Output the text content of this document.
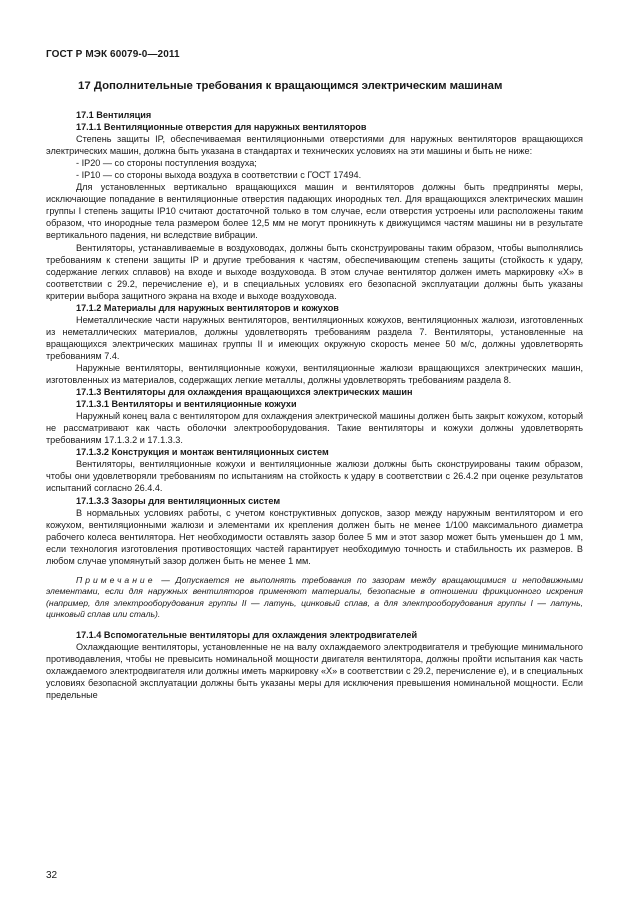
ГОСТ Р МЭК 60079-0—2011
17 Дополнительные требования к вращающимся электрическим машинам

17.1 Вентиляция

17.1.1 Вентиляционные отверстия для наружных вентиляторов

Степень защиты IP, обеспечиваемая вентиляционными отверстиями для наружных вентиляторов вращающихся электрических машин, должна быть указана в стандартах и технических условиях на эти машины и быть не ниже:

- IP20 — со стороны поступления воздуха;

- IP10 — со стороны выхода воздуха в соответствии с ГОСТ 17494.

Для установленных вертикально вращающихся машин и вентиляторов должны быть предприняты меры, исключающие попадание в вентиляционные отверстия падающих инородных тел. Для вращающихся электрических машин группы I степень защиты IP10 считают достаточной только в том случае, если отверстия устроены или расположены таким образом, что инородные тела размером более 12,5 мм не могут проникнуть к движущимся частям машины ни в результате вертикального падения, ни вследствие вибрации.

Вентиляторы, устанавливаемые в воздуховодах, должны быть сконструированы таким образом, чтобы выполнялись требованиям к степени защиты IP и другие требования к частям, обеспечивающим степень защиты (стойкость к удару, содержание легких сплавов) на входе и выходе воздуховода. В этом случае вентилятор должен иметь маркировку «X» в соответствии с 29.2, перечисление е), и в специальных условиях его безопасной эксплуатации должны быть указаны критерии выбора защитного экрана на входе и выходе воздуховода.

17.1.2 Материалы для наружных вентиляторов и кожухов

Неметаллические части наружных вентиляторов, вентиляционных кожухов, вентиляционных жалюзи, изготовленных из неметаллических материалов, должны удовлетворять требованиям раздела 7. Вентиляторы, установленные на вращающихся электрических машинах группы II и имеющих окружную скорость менее 50 м/с, должны удовлетворять требованиям 7.4.

Наружные вентиляторы, вентиляционные кожухи, вентиляционные жалюзи вращающихся электрических машин, изготовленных из материалов, содержащих легкие металлы, должны удовлетворять требованиям раздела 8.

17.1.3 Вентиляторы для охлаждения вращающихся электрических машин

17.1.3.1 Вентиляторы и вентиляционные кожухи

Наружный конец вала с вентилятором для охлаждения электрической машины должен быть закрыт кожухом, который не рассматривают как часть оболочки электрооборудования. Такие вентиляторы и кожухи должны удовлетворять требованиям 17.1.3.2 и 17.1.3.3.

17.1.3.2 Конструкция и монтаж вентиляционных систем

Вентиляторы, вентиляционные кожухи и вентиляционные жалюзи должны быть сконструированы таким образом, чтобы они удовлетворяли требованиям по испытаниям на стойкость к удару в соответствии с 26.4.2 при оценке результатов испытаний согласно 26.4.4.

17.1.3.3 Зазоры для вентиляционных систем

В нормальных условиях работы, с учетом конструктивных допусков, зазор между наружным вентилятором и его кожухом, вентиляционными жалюзи и элементами их крепления должен быть не менее 1/100 максимального диаметра рабочего колеса вентилятора. Нет необходимости оставлять зазор более 5 мм и этот зазор может быть уменьшен до 1 мм, если технология изготовления противостоящих частей гарантирует необходимую точность и стабильность их размеров. В любом случае упомянутый зазор должен быть не менее 1 мм.

Примечание — Допускается не выполнять требования по зазорам между вращающимися и неподвижными элементами, если для наружных вентиляторов применяют материалы, безопасные в отношении фрикционного искрения (например, для электрооборудования группы II — латунь, цинковый сплав, а для электрооборудования группы I — латунь, цинковый сплав или сталь).

17.1.4 Вспомогательные вентиляторы для охлаждения электродвигателей

Охлаждающие вентиляторы, установленные не на валу охлаждаемого электродвигателя и требующие минимального противодавления, чтобы не превысить номинальной мощности двигателя вентилятора, должны пройти испытания как часть охлаждаемого электродвигателя или должны иметь маркировку «X» в соответствии с 29.2, перечисление е), и в специальных условиях безопасной эксплуатации должны быть указаны меры для исключения превышения номинальной мощности. Если предельные

32
